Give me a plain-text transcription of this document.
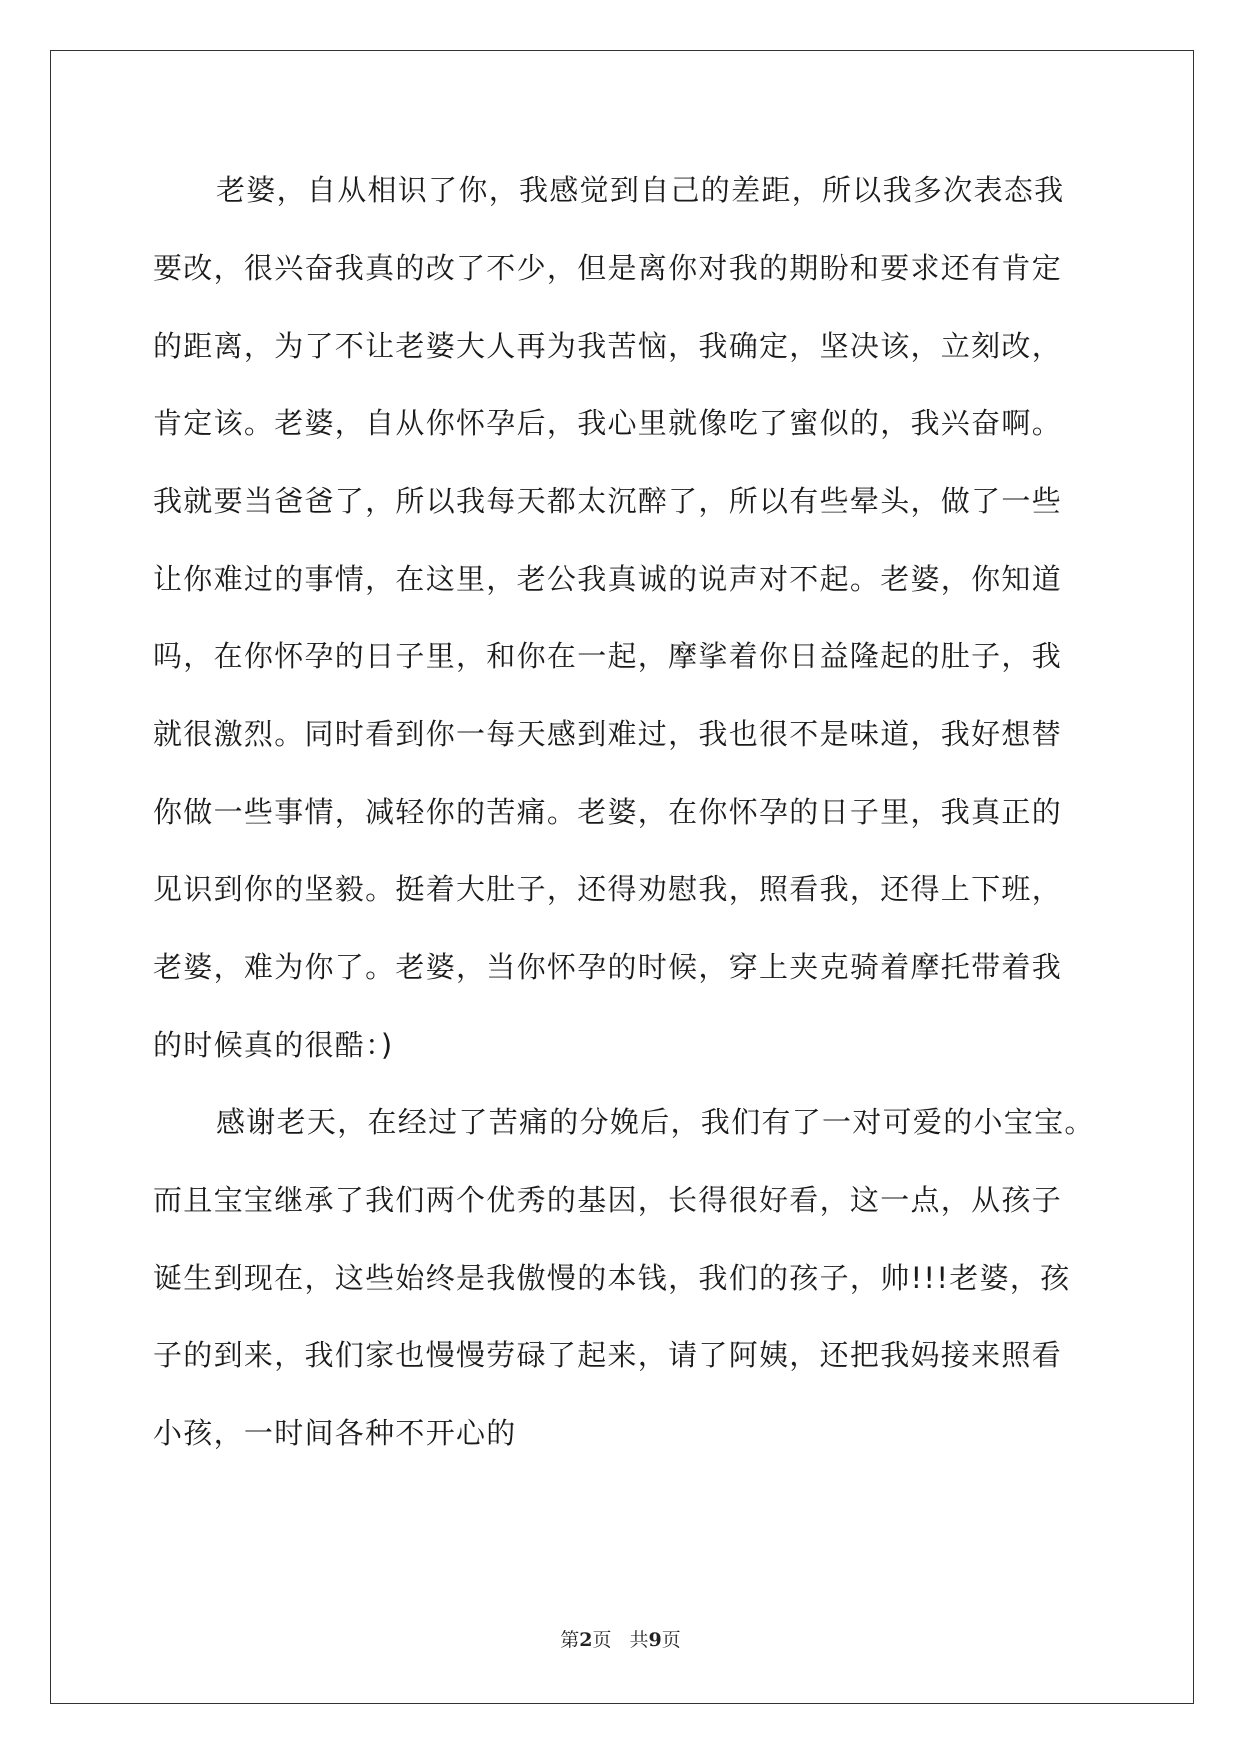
老婆，自从相识了你，我感觉到自己的差距，所以我多次表态我
要改，很兴奋我真的改了不少，但是离你对我的期盼和要求还有肯定
的距离，为了不让老婆大人再为我苦恼，我确定，坚决该，立刻改，
肯定该。老婆，自从你怀孕后，我心里就像吃了蜜似的，我兴奋啊。
我就要当爸爸了，所以我每天都太沉醉了，所以有些晕头，做了一些
让你难过的事情，在这里，老公我真诚的说声对不起。老婆，你知道
吗，在你怀孕的日子里，和你在一起，摩挲着你日益隆起的肚子，我
就很激烈。同时看到你一每天感到难过，我也很不是味道，我好想替
你做一些事情，减轻你的苦痛。老婆，在你怀孕的日子里，我真正的
见识到你的坚毅。挺着大肚子，还得劝慰我，照看我，还得上下班，
老婆，难为你了。老婆，当你怀孕的时候，穿上夹克骑着摩托带着我
的时候真的很酷：)
感谢老天，在经过了苦痛的分娩后，我们有了一对可爱的小宝宝。
而且宝宝继承了我们两个优秀的基因，长得很好看，这一点，从孩子
诞生到现在，这些始终是我傲慢的本钱，我们的孩子，帅!!!老婆，孩
子的到来，我们家也慢慢劳碌了起来，请了阿姨，还把我妈接来照看
小孩，一时间各种不开心的
第2页 共9页
